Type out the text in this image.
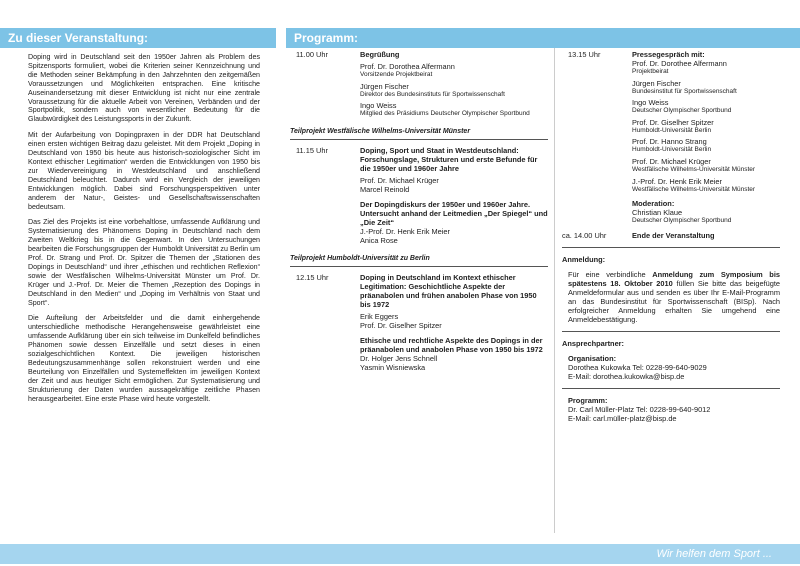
Zu dieser Veranstaltung:	Programm:

Doping wird in Deutschland seit den 1950er Jahren als Problem des Spitzensports formuliert, wobei die Kriterien seiner Kennzeichnung und die Methoden seiner Bekämpfung in den Jahrzehnten den zeitgemäßen Voraussetzungen und Möglichkeiten entsprachen. Eine kritische Auseinandersetzung mit dieser Entwicklung ist nicht nur eine zentrale Voraussetzung für die aktuelle Arbeit von Vereinen, Verbänden und der Sportpolitik, sondern auch von wesentlicher Bedeutung für die Glaubwürdigkeit des Leistungssports in der Zukunft.

Mit der Aufarbeitung von Dopingpraxen in der DDR hat Deutschland einen ersten wichtigen Beitrag dazu geleistet. Mit dem Projekt „Doping in Deutschland von 1950 bis heute aus historisch-soziologischer Sicht im Kontext ethischer Legitimation“ werden die Entwicklungen von 1950 bis zur Wiedervereinigung in Westdeutschland und anschließend Deutschland beleuchtet. Dadurch wird ein Vergleich der jeweiligen Entwicklungen möglich. Dabei sind Forschungsperspektiven unter anderem der Natur-, Geistes- und Gesellschaftswissenschaften bedeutsam.

Das Ziel des Projekts ist eine vorbehaltlose, umfassende Aufklärung und Systematisierung des Phänomens Doping in Deutschland nach dem Zweiten Weltkrieg bis in die Gegenwart. In den Untersuchungen bearbeiten die Forschungsgruppen der Humboldt Universität zu Berlin um Prof. Dr. Strang und Prof. Dr. Spitzer die Themen der „Stationen des Dopings in Deutschland“ und ihrer „ethischen und rechtlichen Reflexion“ sowie der Westfälischen Wilhelms-Universität Münster um Prof. Dr. Krüger und J.-Prof. Dr. Meier die Themen „Rezeption des Dopings in Deutschland in den Medien“ und „Doping im Verhältnis von Staat und Sport“.

Die Aufteilung der Arbeitsfelder und die damit einhergehende unterschiedliche methodische Herangehensweise gewährleistet eine umfassende Aufklärung über ein sich teilweise im Dunkelfeld befindliches Phänomen sowie dessen Einzelfälle und setzt dieses in einen sozialgeschichtlichen Kontext. Die jeweiligen historischen Bedeutungszusammenhänge sollen rekonstruiert werden und eine Beurteilung von Einzelfällen und Systemeffekten im jeweiligen Kontext der Zeit und aus heutiger Sicht ermöglichen. Zur Systematisierung und Strukturierung der Daten wurden aussagekräftige zeitliche Phasen herausgearbeitet. Eine erste Phase wird heute vorgestellt.

11.00 Uhr	Begrüßung
Prof. Dr. Dorothea Alfermann
Vorsitzende Projektbeirat
Jürgen Fischer
Direktor des Bundesinstituts für Sportwissenschaft
Ingo Weiss
Mitglied des Präsidiums Deutscher Olympischer Sportbund
Teilprojekt Westfälische Wilhelms-Universität Münster
11.15 Uhr	Doping, Sport und Staat in Westdeutschland: Forschungslage, Strukturen und erste Befunde für die 1950er und 1960er Jahre
Prof. Dr. Michael Krüger
Marcel Reinold
Der Dopingdiskurs der 1950er und 1960er Jahre. Untersucht anhand der Leitmedien „Der Spiegel“ und „Die Zeit“
J.-Prof. Dr. Henk Erik Meier
Anica Rose
Teilprojekt Humboldt-Universität zu Berlin
12.15 Uhr	Doping in Deutschland im Kontext ethischer Legitimation: Geschichtliche Aspekte der präanabolen und frühen anabolen Phase von 1950 bis 1972
Erik Eggers
Prof. Dr. Giselher Spitzer
Ethische und rechtliche Aspekte des Dopings in der präanabolen und anabolen Phase von 1950 bis 1972
Dr. Holger Jens Schnell
Yasmin Wisniewska
13.15 Uhr	Pressegespräch mit:
Prof. Dr. Dorothee Alfermann
Projektbeirat
Jürgen Fischer
Bundesinstitut für Sportwissenschaft
Ingo Weiss
Deutscher Olympischer Sportbund
Prof. Dr. Giselher Spitzer
Humboldt-Universität Berlin
Prof. Dr. Hanno Strang
Humboldt-Universität Berlin
Prof. Dr. Michael Krüger
Westfälische Wilhelms-Universität Münster
J.-Prof. Dr. Henk Erik Meier
Westfälische Wilhelms-Universität Münster
Moderation:
Christian Klaue
Deutscher Olympischer Sportbund
ca. 14.00 Uhr	Ende der Veranstaltung
Anmeldung:
Für eine verbindliche Anmeldung zum Symposium bis spätestens 18. Oktober 2010 füllen Sie bitte das beigefügte Anmeldeformular aus und senden es über Ihr E-Mail-Programm an das Bundesinstitut für Sportwissenschaft (BISp). Nach erfolgreicher Anmeldung erhalten Sie umgehend eine Anmeldebestätigung.
Ansprechpartner:
Organisation:
Dorothea Kukowka Tel: 0228-99-640-9029
E-Mail: dorothea.kukowka@bisp.de
Programm:
Dr. Carl Müller-Platz Tel: 0228-99-640-9012
E-Mail: carl.müller-platz@bisp.de
Wir helfen dem Sport ...
